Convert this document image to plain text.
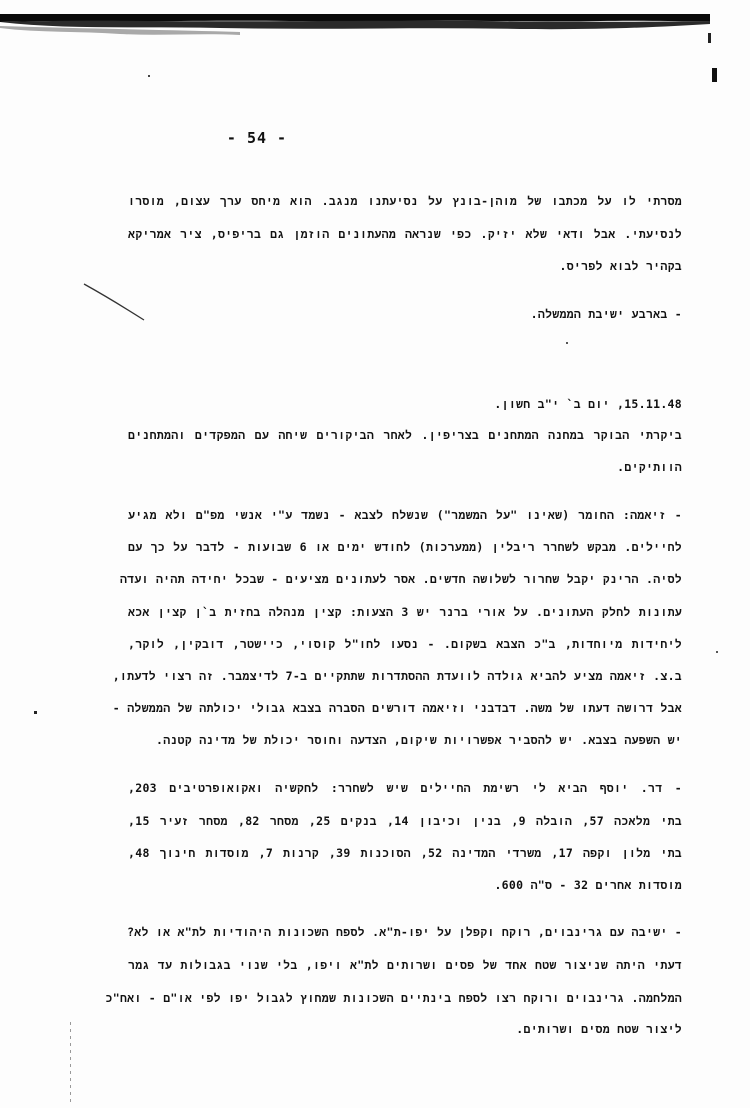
- 54 -
מסרתי לו על מכתבו של מוהן-בונץ על נסיעתנו מנגב. הוא מיחס ערך עצום, מוסרו
לנסיעתי. אבל ודאי שלא יזיק. כפי שנראה מהעתונים הוזמן גם בריפיס, ציר אמריקא
בקהיר לבוא לפריס.
- בארבע ישיבת הממשלה.
15.11.48, יום ב` י"ב חשון.
ביקרתי הבוקר במחנה המתחנים בצריפין. לאחר הביקורים שיחה עם המפקדים והמתחנים
הוותיקים.
- זיאמה: החומר (שאינו "על המשמר") שנשלח לצבא - נשמד ע"י אנשי מפ"ם ולא מגיע
לחיילים. מבקש לשחרר ריבלין (ממערכות) לחודש ימים או 6 שבועות - לדבר על כך עם
לסיה. הרינק יקבל שחרור לשלושה חדשים. אסר לעתונים מציעים - שבכל יחידה תהיה ועדה
עתונות לחלק העתונים. על אורי ברנר יש 3 הצעות: קצין מנהלה בחזית ב`ן קצין אכא
ליחידות מיוחדות, ב"כ הצבא בשקום. - נסעו לחו"ל קוסוי, כיישטר, דובקין, לוקר,
ב.צ. זיאמה מציע להביא גולדה לוועדת ההסתדרות שתתקיים ב-7 לדיצמבר. זה רצוי לדעתו,
אבל דרושה דעתו של משה. דבדבני וזיאמה דורשים הסברה בצבא גבולי יכולתה של הממשלה -
יש השפעה בצבא. יש להסביר אפשרויות שיקום, הצדעה וחוסר יכולת של מדינה קטנה.
- דר. יוסף הביא לי רשימת החיילים שיש לשחרר: לחקשיה ואקואופרטיבים 203,
בתי מלאכה 57, הובלה 9, בנין וכיבון 14, בנקים 25, מסחר 82, מסחר זעיר 15,
בתי מלון וקפה 17, משרדי המדינה 52, הסוכנות 39, קרנות 7, מוסדות חינוך 48,
מוסדות אחרים 32 - ס"ה 600.
- ישיבה עם גרינבוים, רוקח וקפלן על יפו-ת"א. לספח השכונות היהודיות לת"א או לא?
דעתי היתה שניצור שטח אחד של פסים ושרותים לת"א ויפו, בלי שנוי בגבולות עד גמר
המלחמה. גרינבוים ורוקח רצו לספח בינתיים השכונות שמחוץ לגבול יפו לפי או"ם - ואח"כ
ליצור שטח מסים ושרותים.
